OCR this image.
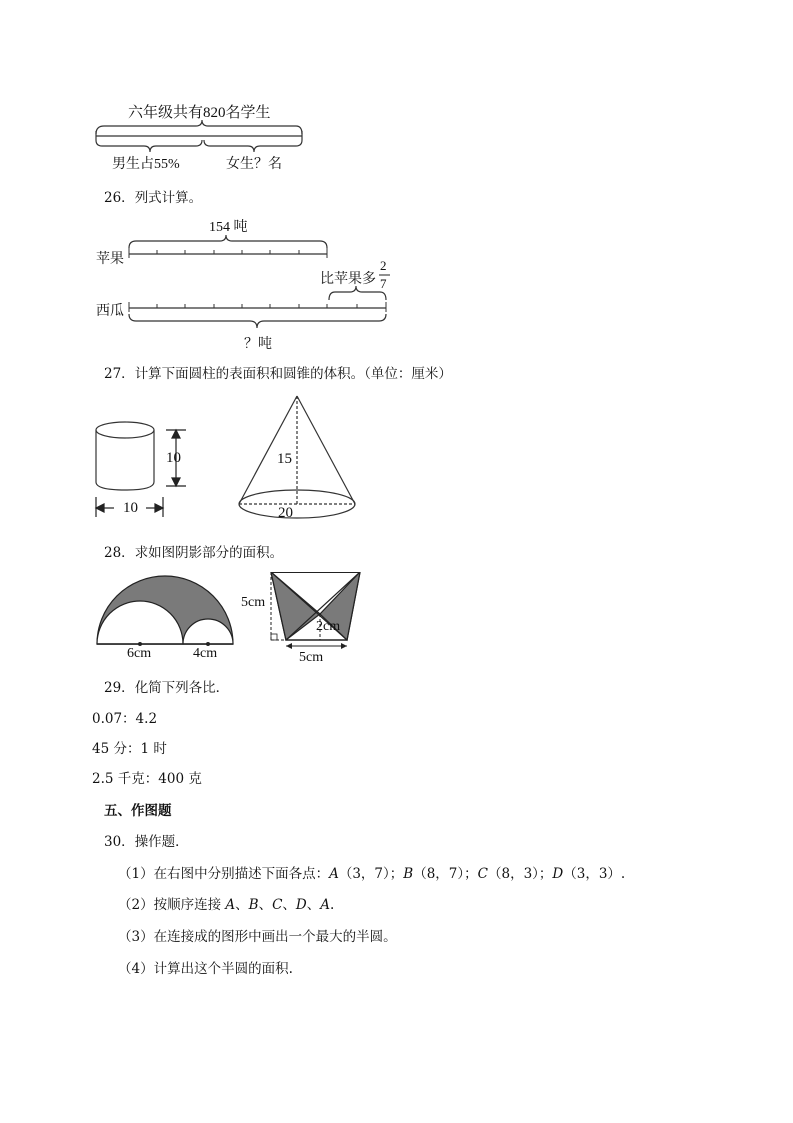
六年级共有820名学生
男生占55%	女生？名
26．列式计算。
154 吨
苹果
比苹果多
2
7
西瓜
？吨
27．计算下面圆柱的表面积和圆锥的体积。（单位：厘米）
10
10
15
20
28．求如图阴影部分的面积。
6cm	4cm
5cm
2cm
5cm
29．化简下列各比．
0.07：4.2
45 分：1 时
2.5 千克：400 克
五、作图题
30．操作题．
（1）在右图中分别描述下面各点：A（3，7）；B（8，7）；C（8，3）；D（3，3）.
（2）按顺序连接 A、B、C、D、A.
（3）在连接成的图形中画出一个最大的半圆。
（4）计算出这个半圆的面积.
